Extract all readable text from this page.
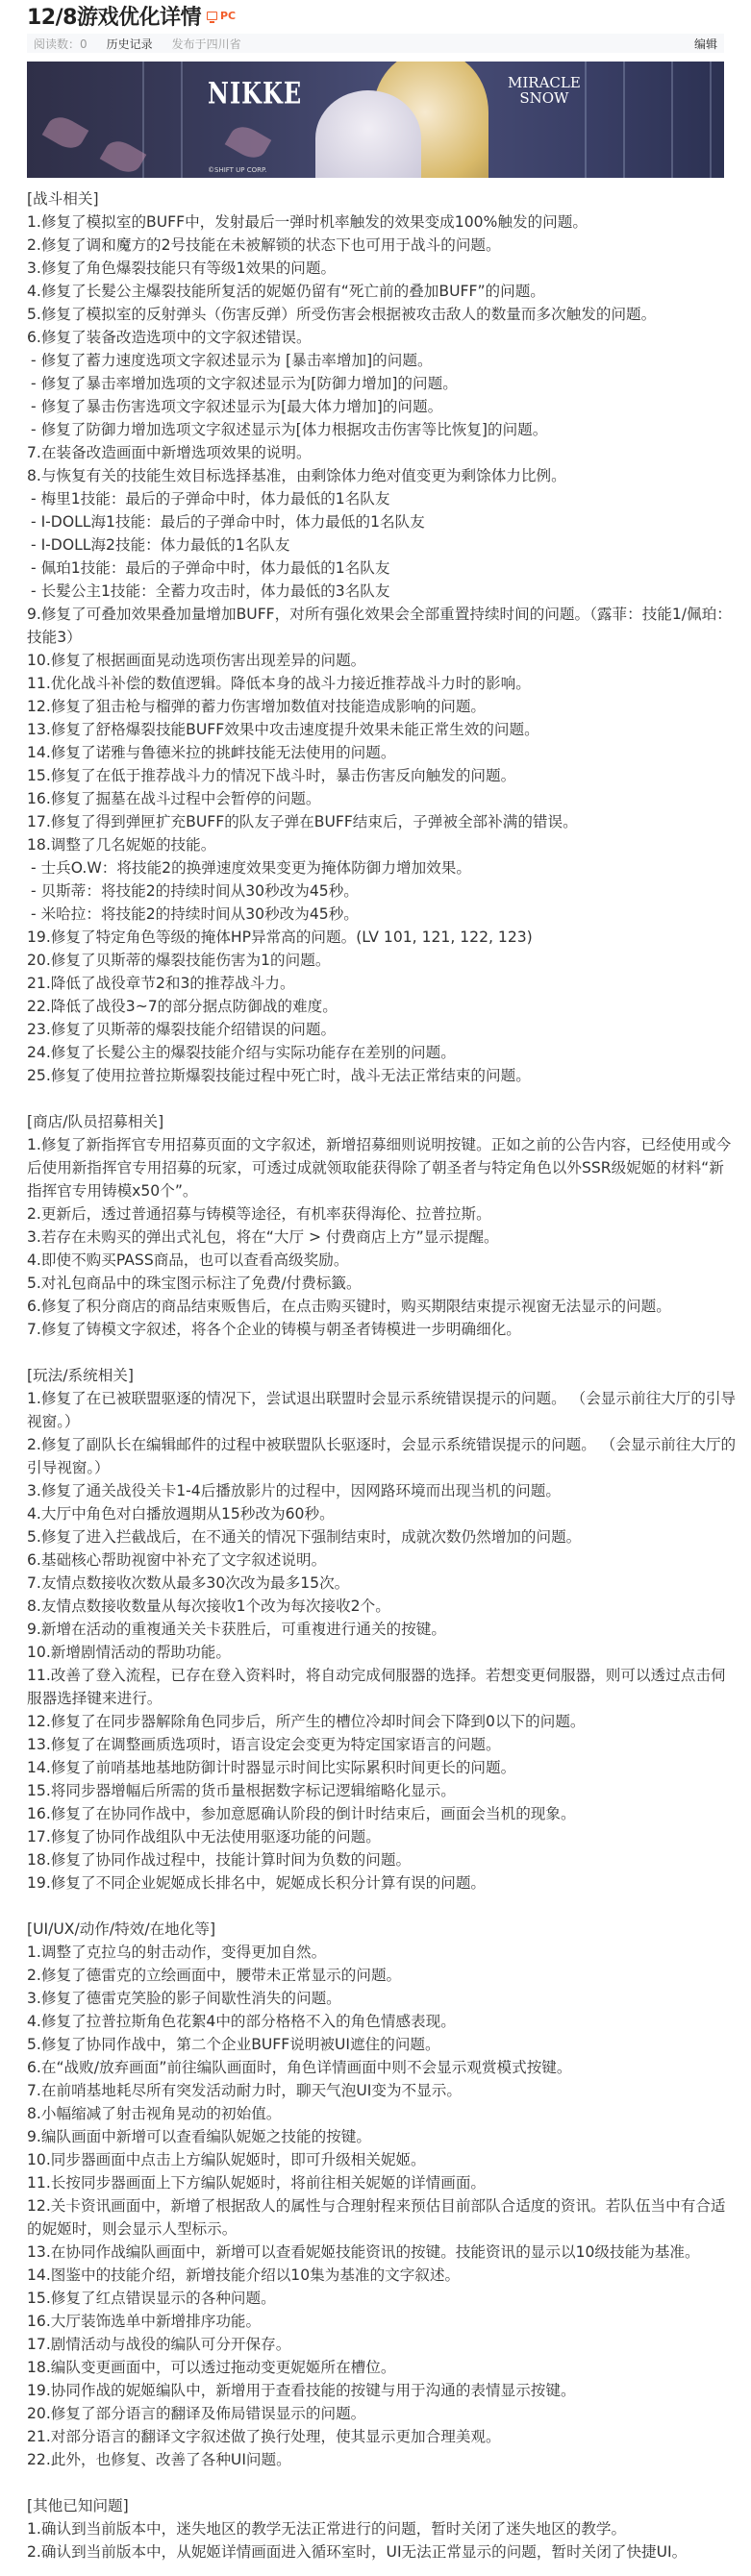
12/8游戏优化详情 PC
阅读数：0 历史记录 发布于四川省	编辑
NIKKE	MIRACLE
SNOW
©SHIFT UP CORP.
[战斗相关]
1.修复了模拟室的BUFF中，发射最后一弹时机率触发的效果变成100%触发的问题。
2.修复了调和魔方的2号技能在未被解锁的状态下也可用于战斗的问题。
3.修复了角色爆裂技能只有等级1效果的问题。
4.修复了长髮公主爆裂技能所复活的妮姬仍留有“死亡前的叠加BUFF”的问题。
5.修复了模拟室的反射弹头（伤害反弹）所受伤害会根据被攻击敌人的数量而多次触发的问题。
6.修复了装备改造选项中的文字叙述错误。
- 修复了蓄力速度选项文字叙述显示为 [暴击率增加]的问题。
- 修复了暴击率增加选项的文字叙述显示为[防御力增加]的问题。
- 修复了暴击伤害选项文字叙述显示为[最大体力增加]的问题。
- 修复了防御力增加选项文字叙述显示为[体力根据攻击伤害等比恢复]的问题。
7.在装备改造画面中新增选项效果的说明。
8.与恢复有关的技能生效目标选择基准，由剩馀体力绝对值变更为剩馀体力比例。
- 梅里1技能：最后的子弹命中时，体力最低的1名队友
- I-DOLL海1技能：最后的子弹命中时，体力最低的1名队友
- I-DOLL海2技能：体力最低的1名队友
- 佩珀1技能：最后的子弹命中时，体力最低的1名队友
- 长髮公主1技能：全蓄力攻击时，体力最低的3名队友
9.修复了可叠加效果叠加量增加BUFF，对所有强化效果会全部重置持续时间的问题。（露菲：技能1/佩珀：技能3）
10.修复了根据画面晃动选项伤害出现差异的问题。
11.优化战斗补偿的数值逻辑。降低本身的战斗力接近推荐战斗力时的影响。
12.修复了狙击枪与榴弹的蓄力伤害增加数值对技能造成影响的问题。
13.修复了舒格爆裂技能BUFF效果中攻击速度提升效果未能正常生效的问题。
14.修复了诺雅与鲁德米拉的挑衅技能无法使用的问题。
15.修复了在低于推荐战斗力的情况下战斗时，暴击伤害反向触发的问题。
16.修复了掘墓在战斗过程中会暂停的问题。
17.修复了得到弹匣扩充BUFF的队友子弹在BUFF结束后，子弹被全部补满的错误。
18.调整了几名妮姬的技能。
- 士兵O.W：将技能2的换弹速度效果变更为掩体防御力增加效果。
- 贝斯蒂：将技能2的持续时间从30秒改为45秒。
- 米哈拉：将技能2的持续时间从30秒改为45秒。
19.修复了特定角色等级的掩体HP异常高的问题。(LV 101, 121, 122, 123)
20.修复了贝斯蒂的爆裂技能伤害为1的问题。
21.降低了战役章节2和3的推荐战斗力。
22.降低了战役3~7的部分据点防御战的难度。
23.修复了贝斯蒂的爆裂技能介绍错误的问题。
24.修复了长髮公主的爆裂技能介绍与实际功能存在差别的问题。
25.修复了使用拉普拉斯爆裂技能过程中死亡时，战斗无法正常结束的问题。
[商店/队员招募相关]
1.修复了新指挥官专用招募页面的文字叙述，新增招募细则说明按键。正如之前的公告内容，已经使用或今后使用新指挥官专用招募的玩家，可透过成就领取能获得除了朝圣者与特定角色以外SSR级妮姬的材料“新指挥官专用铸模x50个”。
2.更新后，透过普通招募与铸模等途径，有机率获得海伦、拉普拉斯。
3.若存在未购买的弹出式礼包，将在“大厅 > 付费商店上方”显示提醒。
4.即使不购买PASS商品，也可以查看高级奖励。
5.对礼包商品中的珠宝图示标注了免费/付费标籤。
6.修复了积分商店的商品结束贩售后，在点击购买键时，购买期限结束提示视窗无法显示的问题。
7.修复了铸模文字叙述，将各个企业的铸模与朝圣者铸模进一步明确细化。
[玩法/系统相关]
1.修复了在已被联盟驱逐的情况下，尝试退出联盟时会显示系统错误提示的问题。 （会显示前往大厅的引导视窗。）
2.修复了副队长在编辑邮件的过程中被联盟队长驱逐时，会显示系统错误提示的问题。 （会显示前往大厅的引导视窗。）
3.修复了通关战役关卡1-4后播放影片的过程中，因网路环境而出现当机的问题。
4.大厅中角色对白播放週期从15秒改为60秒。
5.修复了进入拦截战后，在不通关的情况下强制结束时，成就次数仍然增加的问题。
6.基础核心帮助视窗中补充了文字叙述说明。
7.友情点数接收次数从最多30次改为最多15次。
8.友情点数接收数量从每次接收1个改为每次接收2个。
9.新增在活动的重複通关关卡获胜后，可重複进行通关的按键。
10.新增剧情活动的帮助功能。
11.改善了登入流程，已存在登入资料时，将自动完成伺服器的选择。若想变更伺服器，则可以透过点击伺服器选择键来进行。
12.修复了在同步器解除角色同步后，所产生的槽位冷却时间会下降到0以下的问题。
13.修复了在调整画质选项时，语言设定会变更为特定国家语言的问题。
14.修复了前哨基地基地防御计时器显示时间比实际累积时间更长的问题。
15.将同步器增幅后所需的货币量根据数字标记逻辑缩略化显示。
16.修复了在协同作战中，参加意愿确认阶段的倒计时结束后，画面会当机的现象。
17.修复了协同作战组队中无法使用驱逐功能的问题。
18.修复了协同作战过程中，技能计算时间为负数的问题。
19.修复了不同企业妮姬成长排名中，妮姬成长积分计算有误的问题。
[UI/UX/动作/特效/在地化等]
1.调整了克拉乌的射击动作，变得更加自然。
2.修复了德雷克的立绘画面中，腰带未正常显示的问题。
3.修复了德雷克笑脸的影子间歇性消失的问题。
4.修复了拉普拉斯角色花絮4中的部分格格不入的角色情感表现。
5.修复了协同作战中，第二个企业BUFF说明被UI遮住的问题。
6.在“战败/放弃画面”前往编队画面时，角色详情画面中则不会显示观赏模式按键。
7.在前哨基地耗尽所有突发活动耐力时，聊天气泡UI变为不显示。
8.小幅缩减了射击视角晃动的初始值。
9.编队画面中新增可以查看编队妮姬之技能的按键。
10.同步器画面中点击上方编队妮姬时，即可升级相关妮姬。
11.长按同步器画面上下方编队妮姬时，将前往相关妮姬的详情画面。
12.关卡资讯画面中，新增了根据敌人的属性与合理射程来预估目前部队合适度的资讯。若队伍当中有合适的妮姬时，则会显示人型标示。
13.在协同作战编队画面中，新增可以查看妮姬技能资讯的按键。技能资讯的显示以10级技能为基准。
14.图鉴中的技能介绍，新增技能介绍以10集为基准的文字叙述。
15.修复了红点错误显示的各种问题。
16.大厅装饰选单中新增排序功能。
17.剧情活动与战役的编队可分开保存。
18.编队变更画面中，可以透过拖动变更妮姬所在槽位。
19.协同作战的妮姬编队中，新增用于查看技能的按键与用于沟通的表情显示按键。
20.修复了部分语言的翻译及佈局错误显示的问题。
21.对部分语言的翻译文字叙述做了换行处理，使其显示更加合理美观。
22.此外，也修复、改善了各种UI问题。
[其他已知问题]
1.确认到当前版本中，迷失地区的教学无法正常进行的问题，暂时关闭了迷失地区的教学。
2.确认到当前版本中，从妮姬详情画面进入循环室时，UI无法正常显示的问题，暂时关闭了快捷UI。
